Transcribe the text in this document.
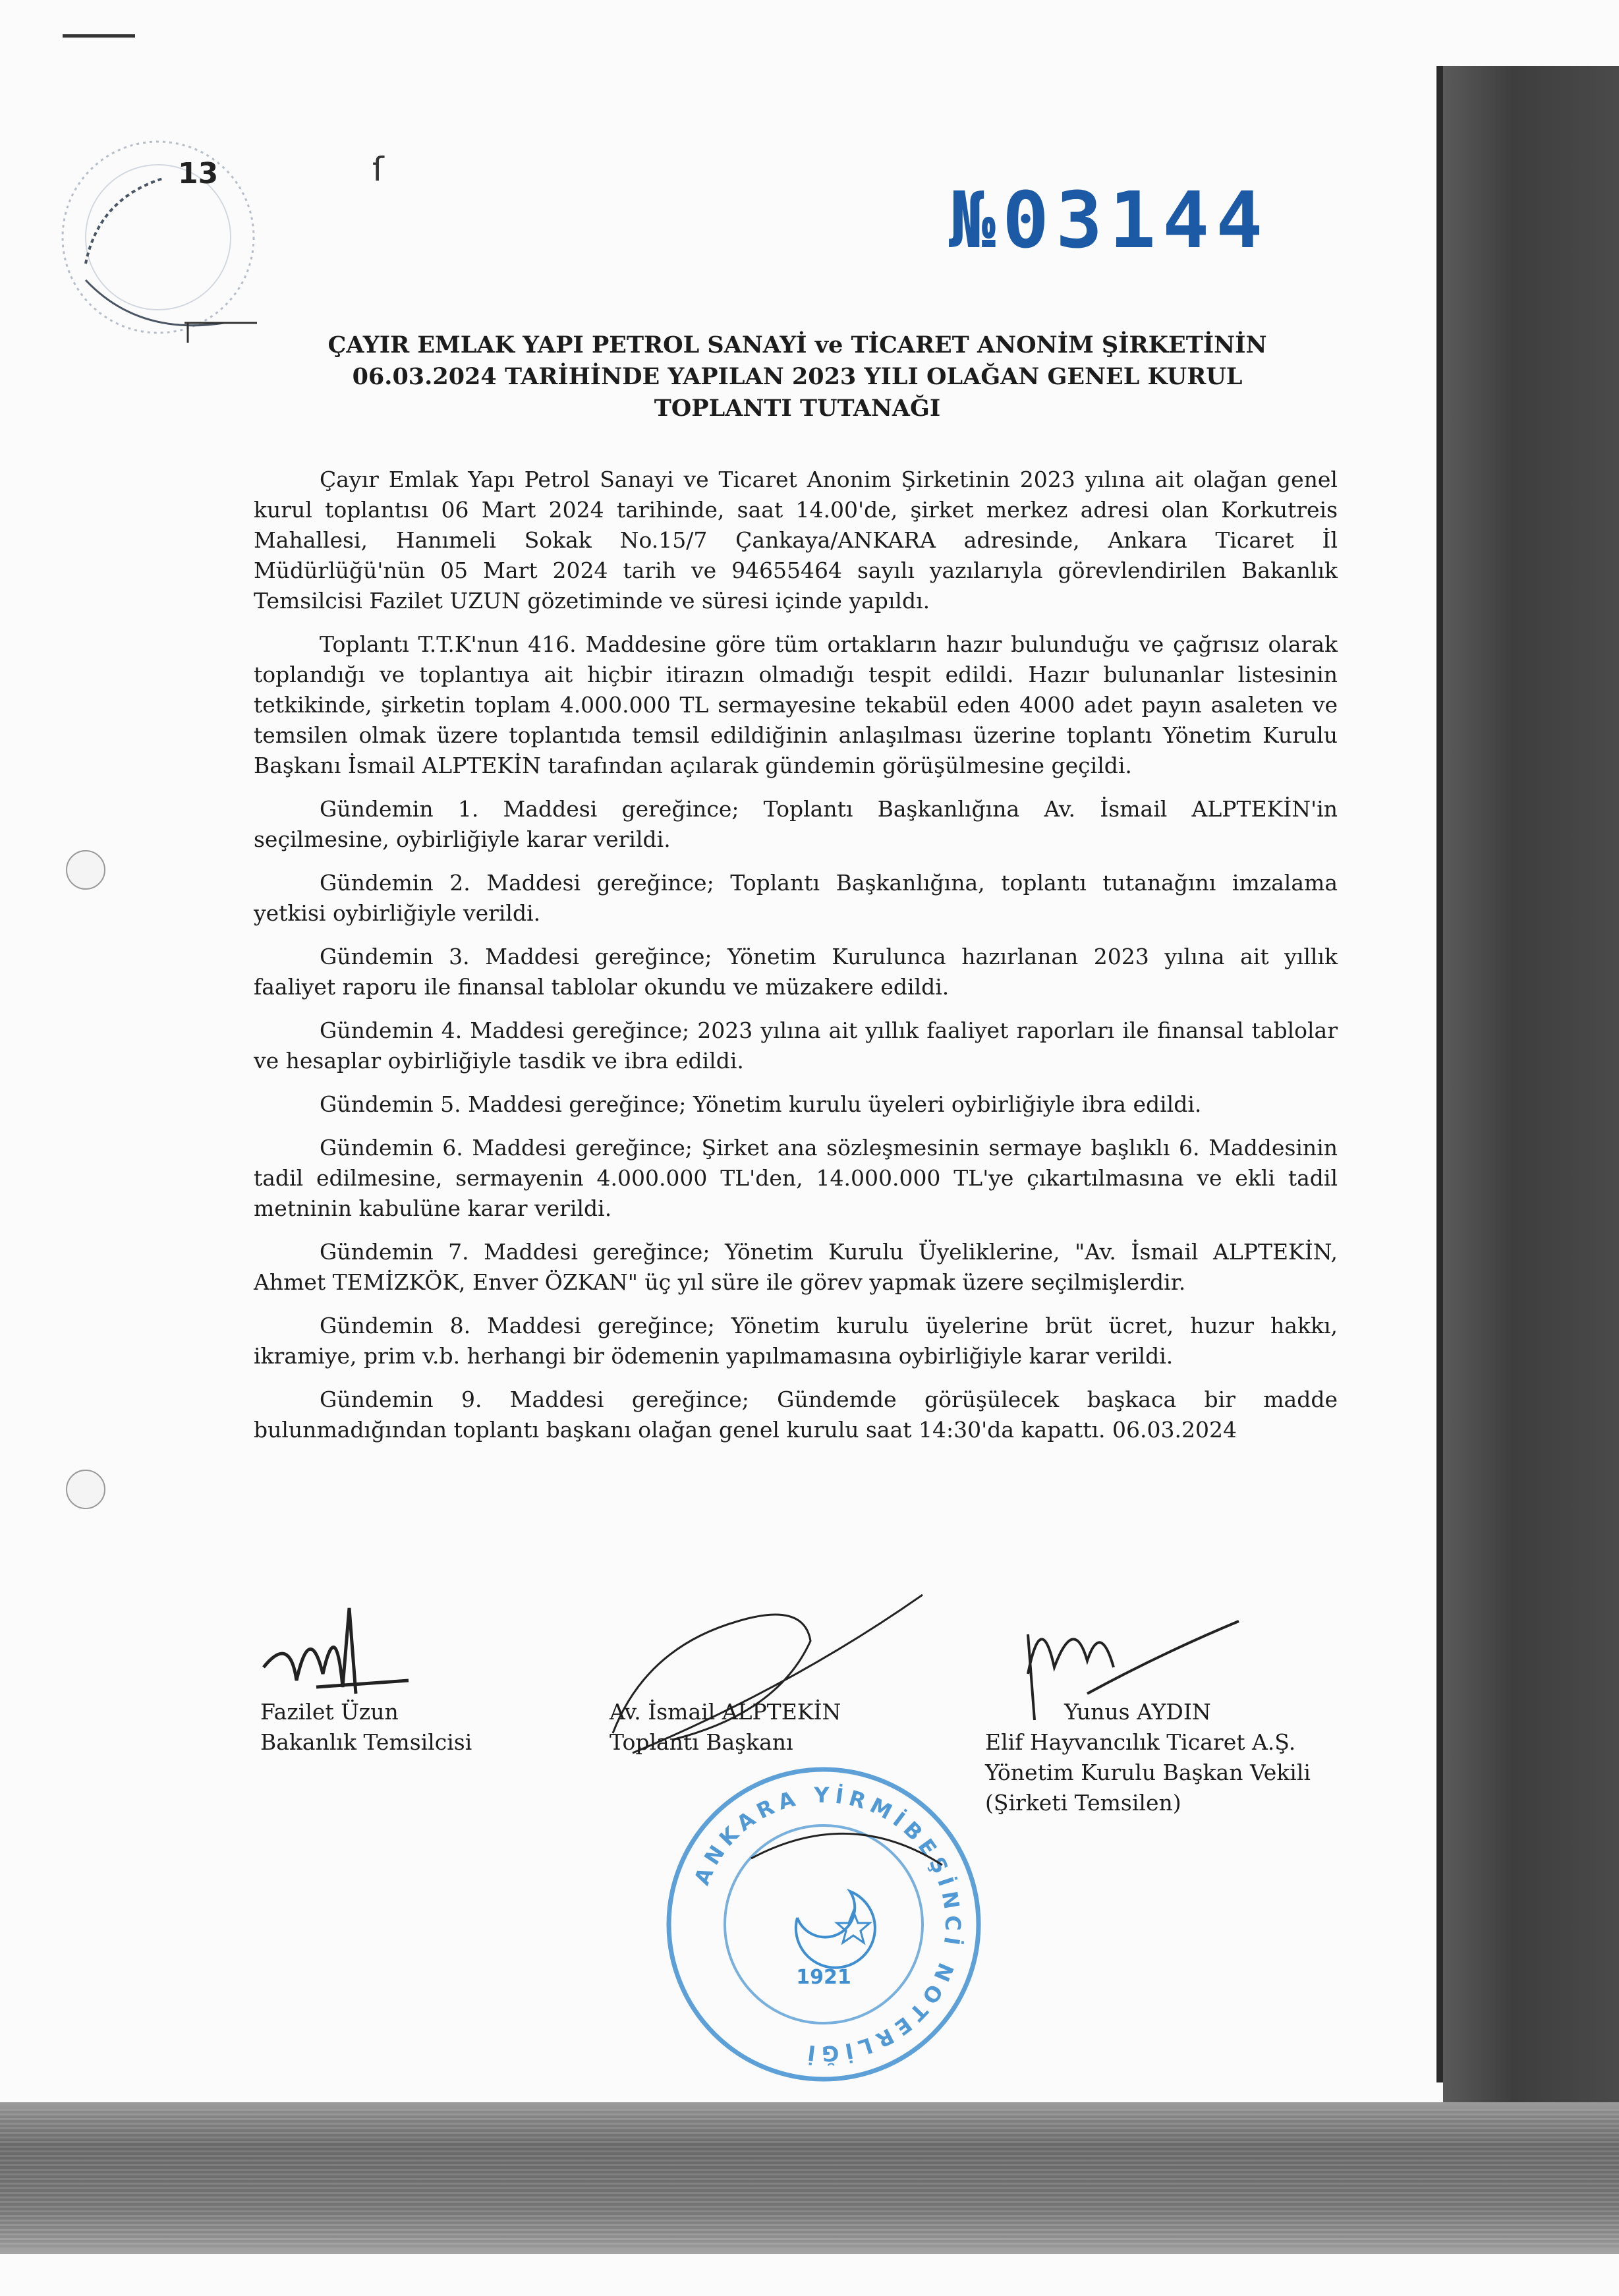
13	ſ
№03144
ÇAYIR EMLAK YAPI PETROL SANAYİ ve TİCARET ANONİM ŞİRKETİNİN
06.03.2024 TARİHİNDE YAPILAN 2023 YILI OLAĞAN GENEL KURUL
TOPLANTI TUTANAĞI

Çayır Emlak Yapı Petrol Sanayi ve Ticaret Anonim Şirketinin 2023 yılına ait olağan genel kurul toplantısı 06 Mart 2024 tarihinde, saat 14.00'de, şirket merkez adresi olan Korkutreis Mahallesi, Hanımeli Sokak No.15/7 Çankaya/ANKARA adresinde, Ankara Ticaret İl Müdürlüğü'nün 05 Mart 2024 tarih ve 94655464 sayılı yazılarıyla görevlendirilen Bakanlık Temsilcisi Fazilet UZUN gözetiminde ve süresi içinde yapıldı.

Toplantı T.T.K'nun 416. Maddesine göre tüm ortakların hazır bulunduğu ve çağrısız olarak toplandığı ve toplantıya ait hiçbir itirazın olmadığı tespit edildi. Hazır bulunanlar listesinin tetkikinde, şirketin toplam 4.000.000 TL sermayesine tekabül eden 4000 adet payın asaleten ve temsilen olmak üzere toplantıda temsil edildiğinin anlaşılması üzerine toplantı Yönetim Kurulu Başkanı İsmail ALPTEKİN tarafından açılarak gündemin görüşülmesine geçildi.

Gündemin 1. Maddesi gereğince; Toplantı Başkanlığına Av. İsmail ALPTEKİN'in seçilmesine, oybirliğiyle karar verildi.

Gündemin 2. Maddesi gereğince; Toplantı Başkanlığına, toplantı tutanağını imzalama yetkisi oybirliğiyle verildi.

Gündemin 3. Maddesi gereğince; Yönetim Kurulunca hazırlanan 2023 yılına ait yıllık faaliyet raporu ile finansal tablolar okundu ve müzakere edildi.

Gündemin 4. Maddesi gereğince; 2023 yılına ait yıllık faaliyet raporları ile finansal tablolar ve hesaplar oybirliğiyle tasdik ve ibra edildi.

Gündemin 5. Maddesi gereğince; Yönetim kurulu üyeleri oybirliğiyle ibra edildi.

Gündemin 6. Maddesi gereğince; Şirket ana sözleşmesinin sermaye başlıklı 6. Maddesinin tadil edilmesine, sermayenin 4.000.000 TL'den, 14.000.000 TL'ye çıkartılmasına ve ekli tadil metninin kabulüne karar verildi.

Gündemin 7. Maddesi gereğince; Yönetim Kurulu Üyeliklerine, "Av. İsmail ALPTEKİN, Ahmet TEMİZKÖK, Enver ÖZKAN" üç yıl süre ile görev yapmak üzere seçilmişlerdir.

Gündemin 8. Maddesi gereğince; Yönetim kurulu üyelerine brüt ücret, huzur hakkı, ikramiye, prim v.b. herhangi bir ödemenin yapılmamasına oybirliğiyle karar verildi.

Gündemin 9. Maddesi gereğince; Gündemde görüşülecek başkaca bir madde bulunmadığından toplantı başkanı olağan genel kurulu saat 14:30'da kapattı. 06.03.2024

Fazilet Üzun
Bakanlık Temsilcisi
Av. İsmail ALPTEKİN
Toplantı Başkanı
Yunus AYDIN
Elif Hayvancılık Ticaret A.Ş.
Yönetim Kurulu Başkan Vekili
(Şirketi Temsilen)
ANKARA YİRMİBEŞİNCİ NOTERLİĞİ
1921
